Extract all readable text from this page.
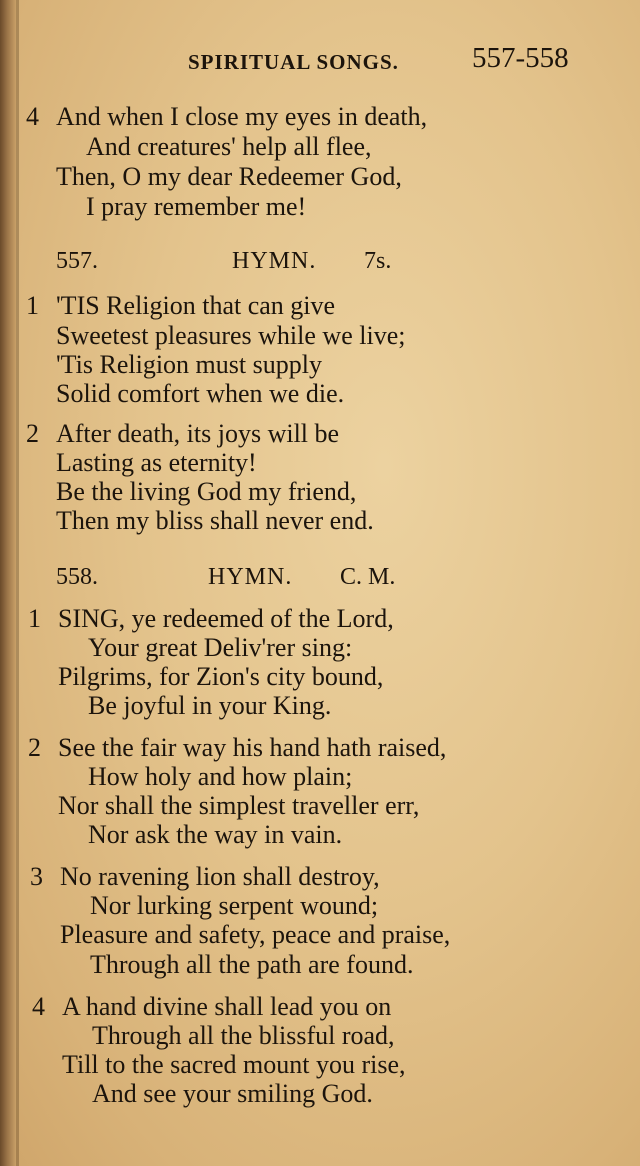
SPIRITUAL SONGS.	557-558
4 And when I close my eyes in death,
And creatures' help all flee,
Then, O my dear Redeemer God,
I pray remember me!
557.	HYMN. 7s.
1 'TIS Religion that can give
Sweetest pleasures while we live;
'Tis Religion must supply
Solid comfort when we die.
2 After death, its joys will be
Lasting as eternity!
Be the living God my friend,
Then my bliss shall never end.
558.	HYMN. C. M.
1 SING, ye redeemed of the Lord,
Your great Deliv'rer sing:
Pilgrims, for Zion's city bound,
Be joyful in your King.
2 See the fair way his hand hath raised,
How holy and how plain;
Nor shall the simplest traveller err,
Nor ask the way in vain.
3 No ravening lion shall destroy,
Nor lurking serpent wound;
Pleasure and safety, peace and praise,
Through all the path are found.
4 A hand divine shall lead you on
Through all the blissful road,
Till to the sacred mount you rise,
And see your smiling God.
